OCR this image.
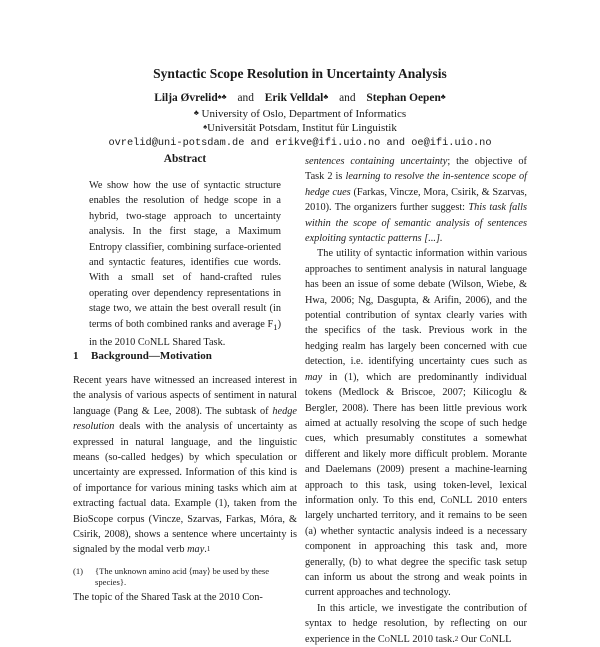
Syntactic Scope Resolution in Uncertainty Analysis
Lilja Øvrelid♠♣ and Erik Velldal♣ and Stephan Oepen♣
♣ University of Oslo, Department of Informatics
♠Universität Potsdam, Institut für Linguistik
ovrelid@uni-potsdam.de and erikve@ifi.uio.no and oe@ifi.uio.no
Abstract
We show how the use of syntactic structure enables the resolution of hedge scope in a hybrid, two-stage approach to uncertainty analysis. In the first stage, a Maximum Entropy classifier, combining surface-oriented and syntactic features, identifies cue words. With a small set of hand-crafted rules operating over dependency representations in stage two, we attain the best overall result (in terms of both combined ranks and average $F_1$) in the 2010 CoNLL Shared Task.
1 Background—Motivation

Recent years have witnessed an increased interest in the analysis of various aspects of sentiment in natural language (Pang & Lee, 2008). The subtask of hedge resolution deals with the analysis of uncertainty as expressed in natural language, and the linguistic means (so-called hedges) by which speculation or uncertainty are expressed. Information of this kind is of importance for various mining tasks which aim at extracting factual data. Example (1), taken from the BioScope corpus (Vincze, Szarvas, Farkas, Móra, & Csirik, 2008), shows a sentence where uncertainty is signaled by the modal verb may.$^1$

(1) {The unknown amino acid ⟨may⟩ be used by these species}.
The topic of the Shared Task at the 2010 Con-

sentences containing uncertainty; the objective of Task 2 is learning to resolve the in-sentence scope of hedge cues (Farkas, Vincze, Mora, Csirik, & Szarvas, 2010). The organizers further suggest: This task falls within the scope of semantic analysis of sentences exploiting syntactic patterns [...].

The utility of syntactic information within various approaches to sentiment analysis in natural language has been an issue of some debate (Wilson, Wiebe, & Hwa, 2006; Ng, Dasgupta, & Arifin, 2006), and the potential contribution of syntax clearly varies with the specifics of the task. Previous work in the hedging realm has largely been concerned with cue detection, i.e. identifying uncertainty cues such as may in (1), which are predominantly individual tokens (Medlock & Briscoe, 2007; Kilicoglu & Bergler, 2008). There has been little previous work aimed at actually resolving the scope of such hedge cues, which presumably constitutes a somewhat different and likely more difficult problem. Morante and Daelemans (2009) present a machine-learning approach to this task, using token-level, lexical information only. To this end, CoNLL 2010 enters largely uncharted territory, and it remains to be seen (a) whether syntactic analysis indeed is a necessary component in approaching this task and, more generally, (b) to what degree the specific task setup can inform us about the strong and weak points in current approaches and technology.

In this article, we investigate the contribution of syntax to hedge resolution, by reflecting on our experience in the CoNLL 2010 task.$^2$ Our CoNLL
